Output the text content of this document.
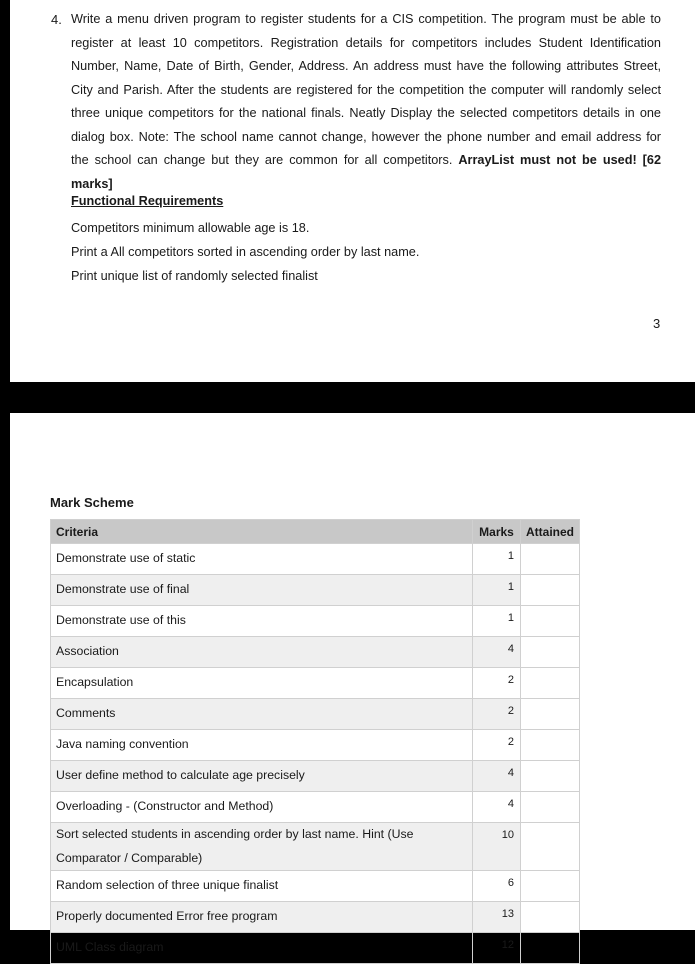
4. Write a menu driven program to register students for a CIS competition. The program must be able to register at least 10 competitors. Registration details for competitors includes Student Identification Number, Name, Date of Birth, Gender, Address. An address must have the following attributes Street, City and Parish. After the students are registered for the competition the computer will randomly select three unique competitors for the national finals. Neatly Display the selected competitors details in one dialog box. Note: The school name cannot change, however the phone number and email address for the school can change but they are common for all competitors. ArrayList must not be used! [62 marks]
Functional Requirements
Competitors minimum allowable age is 18.
Print a All competitors sorted in ascending order by last name.
Print unique list of randomly selected finalist
3
Mark Scheme
Criteria	Marks	Attained
Demonstrate use of static	1	
Demonstrate use of final	1	
Demonstrate use of this	1	
Association	4	
Encapsulation	2	
Comments	2	
Java naming convention	2	
User define method to calculate age precisely	4	
Overloading - (Constructor and Method)	4	
Sort selected students in ascending order by last name. Hint (Use Comparator / Comparable)	10	
Random selection of three unique finalist	6	
Properly documented Error free program	13	
UML Class diagram	12	
